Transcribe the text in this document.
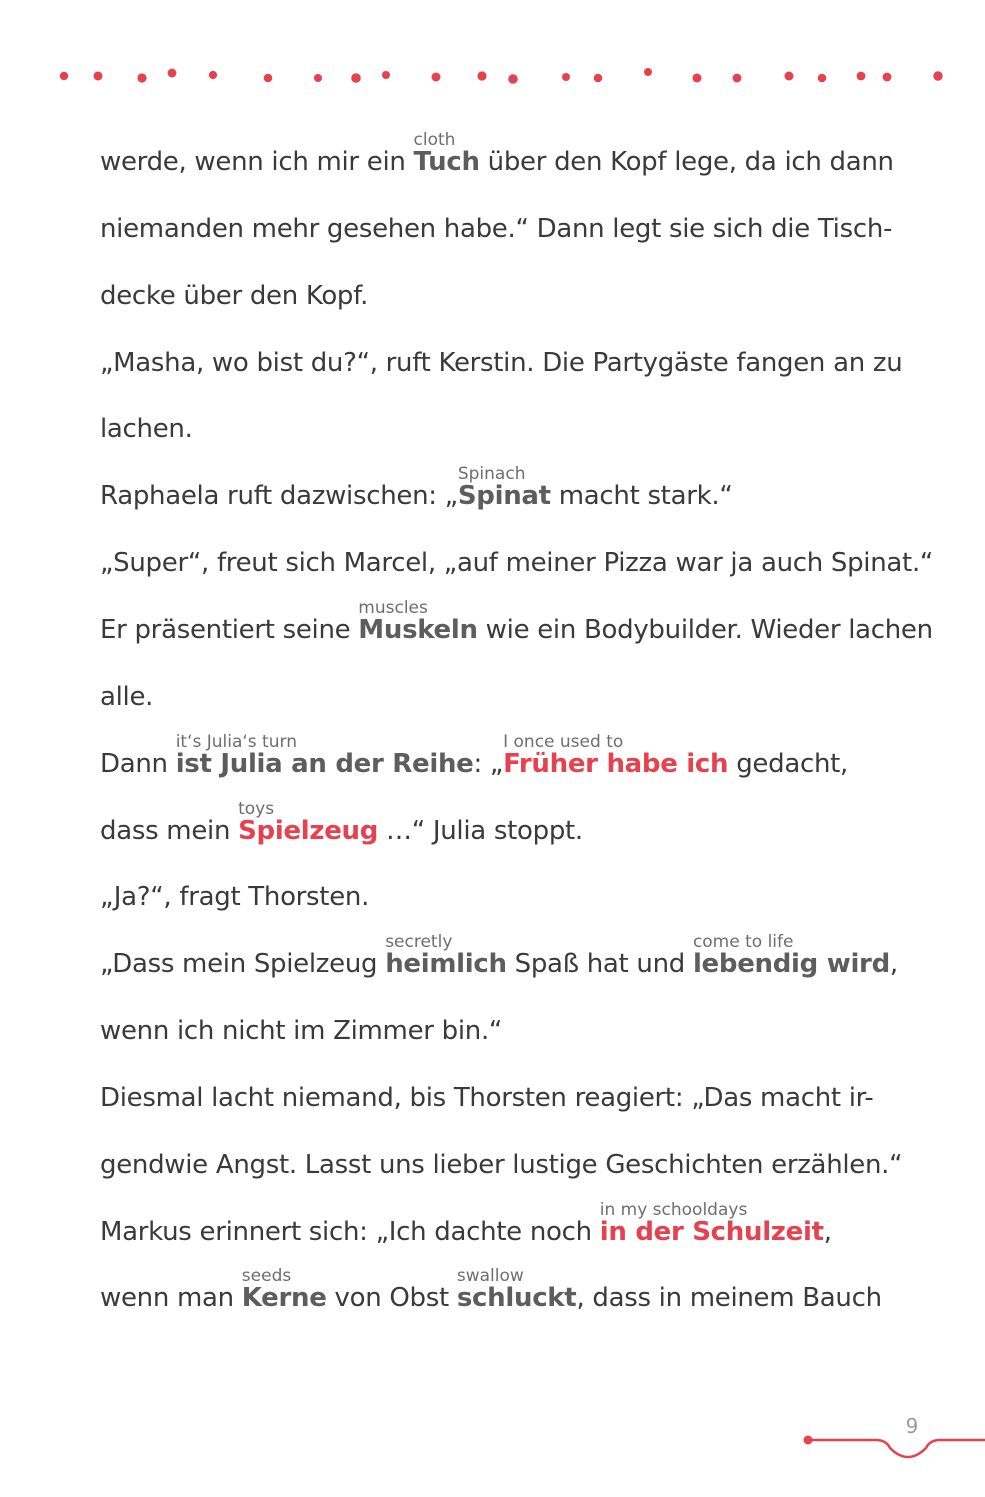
werde, wenn ich mir ein
cloth
Tuch über den Kopf lege, da ich dann
niemanden mehr gesehen habe.“ Dann legt sie sich die Tisch-
decke über den Kopf.
„Masha, wo bist du?“, ruft Kerstin. Die Partygäste fangen an zu
lachen.
Raphaela ruft dazwischen: „
Spinach
Spinat macht stark.“
„Super“, freut sich Marcel, „auf meiner Pizza war ja auch Spinat.“
Er präsentiert seine
muscles
Muskeln wie ein Bodybuilder. Wieder lachen
alle.
Dann
it‘s Julia‘s turn
ist Julia an der Reihe: „
I once used to
Früher habe ich gedacht,
dass mein
toys
Spielzeug …“ Julia stoppt.
„Ja?“, fragt Thorsten.
„Dass mein Spielzeug
secretly
heimlich Spaß hat und
come to life
lebendig wird,
wenn ich nicht im Zimmer bin.“
Diesmal lacht niemand, bis Thorsten reagiert: „Das macht ir-
gendwie Angst. Lasst uns lieber lustige Geschichten erzählen.“
Markus erinnert sich: „Ich dachte noch
in my schooldays
in der Schulzeit,
wenn man
seeds
Kerne von Obst
swallow
schluckt, dass in meinem Bauch
9
